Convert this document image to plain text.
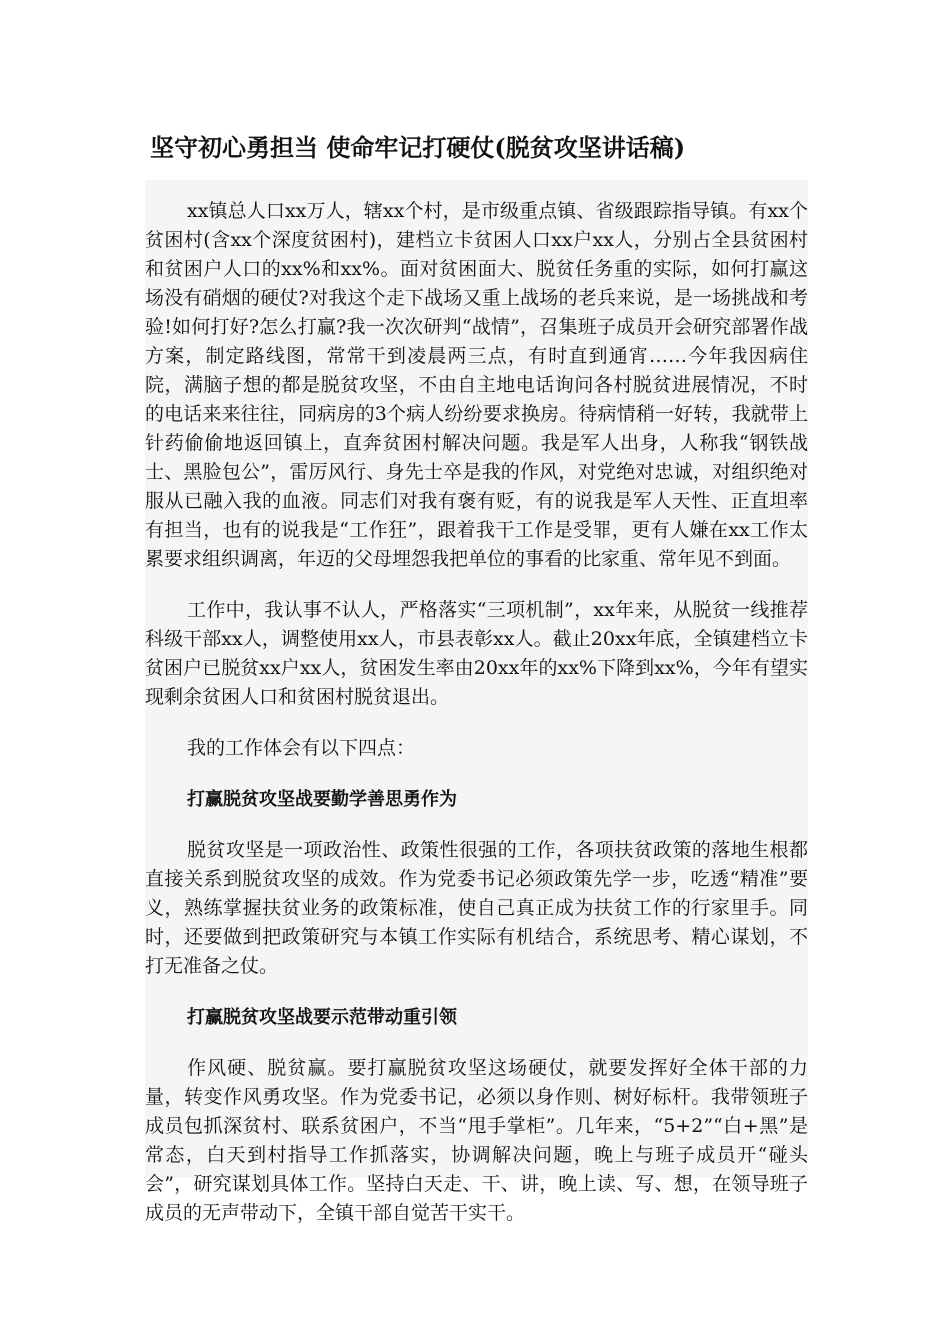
坚守初心勇担当 使命牢记打硬仗(脱贫攻坚讲话稿)

xx镇总人口xx万人，辖xx个村，是市级重点镇、省级跟踪指导镇。有xx个贫困村(含xx个深度贫困村)，建档立卡贫困人口xx户xx人，分别占全县贫困村和贫困户人口的xx%和xx%。面对贫困面大、脱贫任务重的实际，如何打赢这场没有硝烟的硬仗?对我这个走下战场又重上战场的老兵来说，是一场挑战和考验!如何打好?怎么打赢?我一次次研判“战情”，召集班子成员开会研究部署作战方案，制定路线图，常常干到凌晨两三点，有时直到通宵……今年我因病住院，满脑子想的都是脱贫攻坚，不由自主地电话询问各村脱贫进展情况，不时的电话来来往往，同病房的3个病人纷纷要求换房。待病情稍一好转，我就带上针药偷偷地返回镇上，直奔贫困村解决问题。我是军人出身，人称我“钢铁战士、黑脸包公”，雷厉风行、身先士卒是我的作风，对党绝对忠诚，对组织绝对服从已融入我的血液。同志们对我有褒有贬，有的说我是军人天性、正直坦率有担当，也有的说我是“工作狂”，跟着我干工作是受罪，更有人嫌在xx工作太累要求组织调离，年迈的父母埋怨我把单位的事看的比家重、常年见不到面。

工作中，我认事不认人，严格落实“三项机制”，xx年来，从脱贫一线推荐科级干部xx人，调整使用xx人，市县表彰xx人。截止20xx年底，全镇建档立卡贫困户已脱贫xx户xx人，贫困发生率由20xx年的xx%下降到xx%，今年有望实现剩余贫困人口和贫困村脱贫退出。

我的工作体会有以下四点：

打赢脱贫攻坚战要勤学善思勇作为

脱贫攻坚是一项政治性、政策性很强的工作，各项扶贫政策的落地生根都直接关系到脱贫攻坚的成效。作为党委书记必须政策先学一步，吃透“精准”要义，熟练掌握扶贫业务的政策标准，使自己真正成为扶贫工作的行家里手。同时，还要做到把政策研究与本镇工作实际有机结合，系统思考、精心谋划，不打无准备之仗。

打赢脱贫攻坚战要示范带动重引领

作风硬、脱贫赢。要打赢脱贫攻坚这场硬仗，就要发挥好全体干部的力量，转变作风勇攻坚。作为党委书记，必须以身作则、树好标杆。我带领班子成员包抓深贫村、联系贫困户，不当“甩手掌柜”。几年来，“5+2”“白+黑”是常态，白天到村指导工作抓落实，协调解决问题，晚上与班子成员开“碰头会”，研究谋划具体工作。坚持白天走、干、讲，晚上读、写、想，在领导班子成员的无声带动下，全镇干部自觉苦干实干。
